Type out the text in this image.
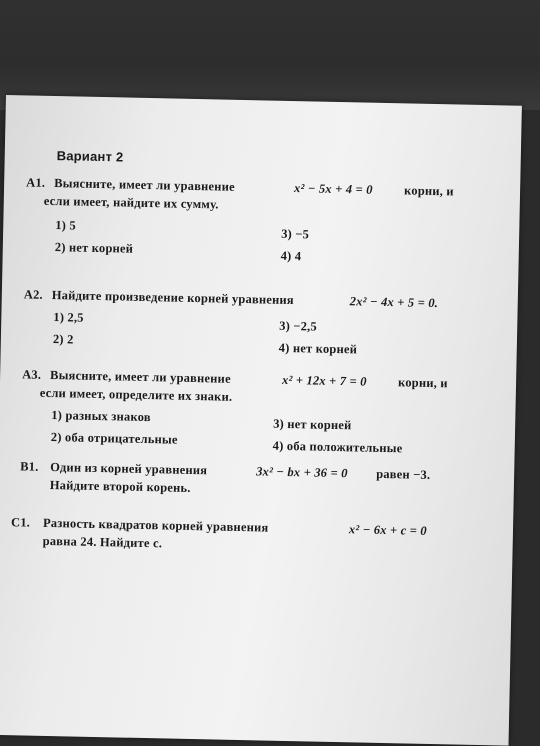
Вариант 2
А1. Выясните, имеет ли уравнение	x² − 5x + 4 = 0 корни, и
если имеет, найдите их сумму.
1) 5
3) −5
2) нет корней
4) 4
А2. Найдите произведение корней уравнения	2x² − 4x + 5 = 0.
1) 2,5
3) −2,5
2) 2
4) нет корней
А3. Выясните, имеет ли уравнение	x² + 12x + 7 = 0 корни, и
если имеет, определите их знаки.
1) разных знаков
3) нет корней
2) оба отрицательные
4) оба положительные
В1. Один из корней уравнения	3x² − bx + 36 = 0 равен −3.
Найдите второй корень.
С1. Разность квадратов корней уравнения	x² − 6x + c = 0
равна 24. Найдите с.
